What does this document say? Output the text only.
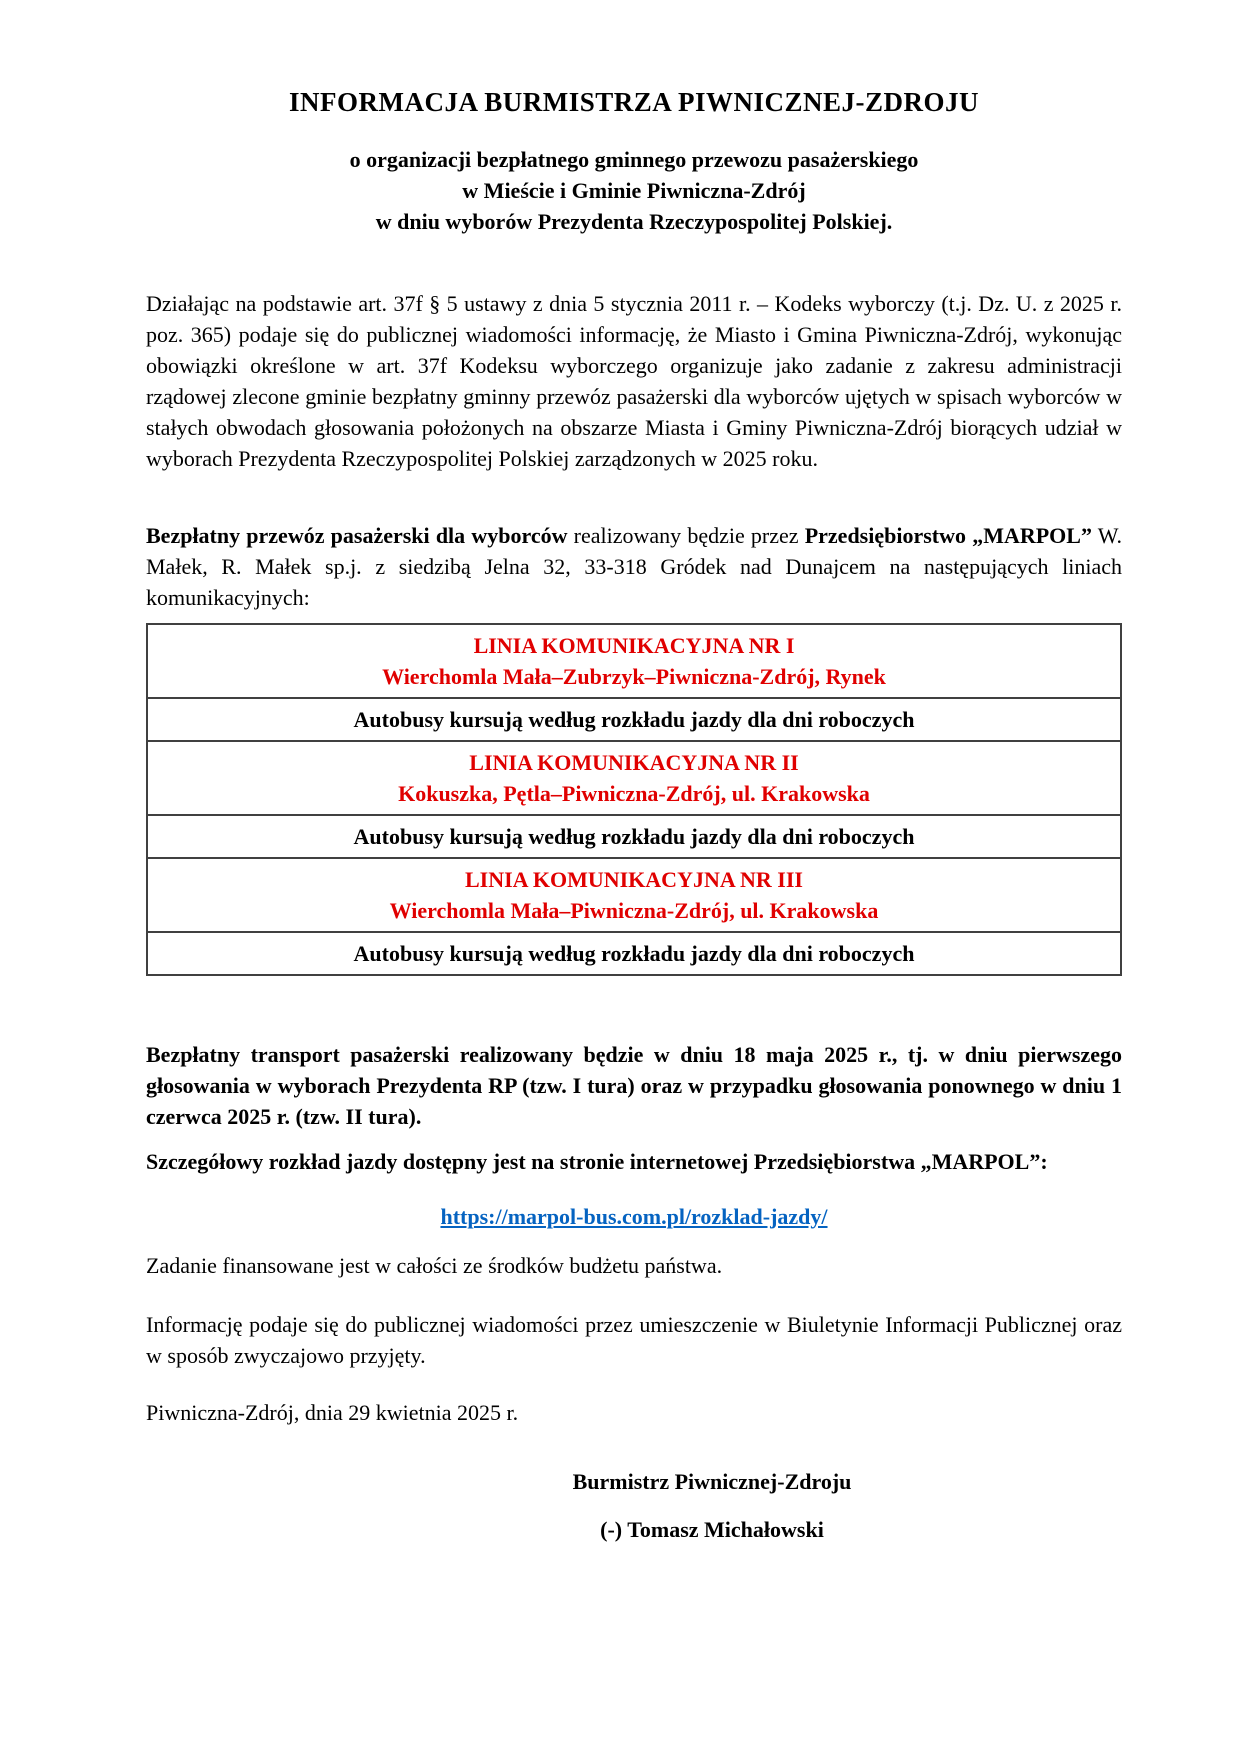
INFORMACJA BURMISTRZA PIWNICZNEJ-ZDROJU
o organizacji bezpłatnego gminnego przewozu pasażerskiego
w Mieście i Gminie Piwniczna-Zdrój
w dniu wyborów Prezydenta Rzeczypospolitej Polskiej.

Działając na podstawie art. 37f § 5 ustawy z dnia 5 stycznia 2011 r. – Kodeks wyborczy (t.j. Dz. U. z 2025 r. poz. 365) podaje się do publicznej wiadomości informację, że Miasto i Gmina Piwniczna-Zdrój, wykonując obowiązki określone w art. 37f Kodeksu wyborczego organizuje jako zadanie z zakresu administracji rządowej zlecone gminie bezpłatny gminny przewóz pasażerski dla wyborców ujętych w spisach wyborców w stałych obwodach głosowania położonych na obszarze Miasta i Gminy Piwniczna-Zdrój biorących udział w wyborach Prezydenta Rzeczypospolitej Polskiej zarządzonych w 2025 roku.

Bezpłatny przewóz pasażerski dla wyborców realizowany będzie przez Przedsiębiorstwo „MARPOL” W. Małek, R. Małek sp.j. z siedzibą Jelna 32, 33-318 Gródek nad Dunajcem na następujących liniach komunikacyjnych:

LINIA KOMUNIKACYJNA NR I
Wierchomla Mała–Zubrzyk–Piwniczna-Zdrój, Rynek

Autobusy kursują według rozkładu jazdy dla dni roboczych

LINIA KOMUNIKACYJNA NR II
Kokuszka, Pętla–Piwniczna-Zdrój, ul. Krakowska

Autobusy kursują według rozkładu jazdy dla dni roboczych

LINIA KOMUNIKACYJNA NR III
Wierchomla Mała–Piwniczna-Zdrój, ul. Krakowska

Autobusy kursują według rozkładu jazdy dla dni roboczych

Bezpłatny transport pasażerski realizowany będzie w dniu 18 maja 2025 r., tj. w dniu pierwszego głosowania w wyborach Prezydenta RP (tzw. I tura) oraz w przypadku głosowania ponownego w dniu 1 czerwca 2025 r. (tzw. II tura).

Szczegółowy rozkład jazdy dostępny jest na stronie internetowej Przedsiębiorstwa „MARPOL”:

https://marpol-bus.com.pl/rozklad-jazdy/

Zadanie finansowane jest w całości ze środków budżetu państwa.

Informację podaje się do publicznej wiadomości przez umieszczenie w Biuletynie Informacji Publicznej oraz w sposób zwyczajowo przyjęty.

Piwniczna-Zdrój, dnia 29 kwietnia 2025 r.

Burmistrz Piwnicznej-Zdroju
(-) Tomasz Michałowski
